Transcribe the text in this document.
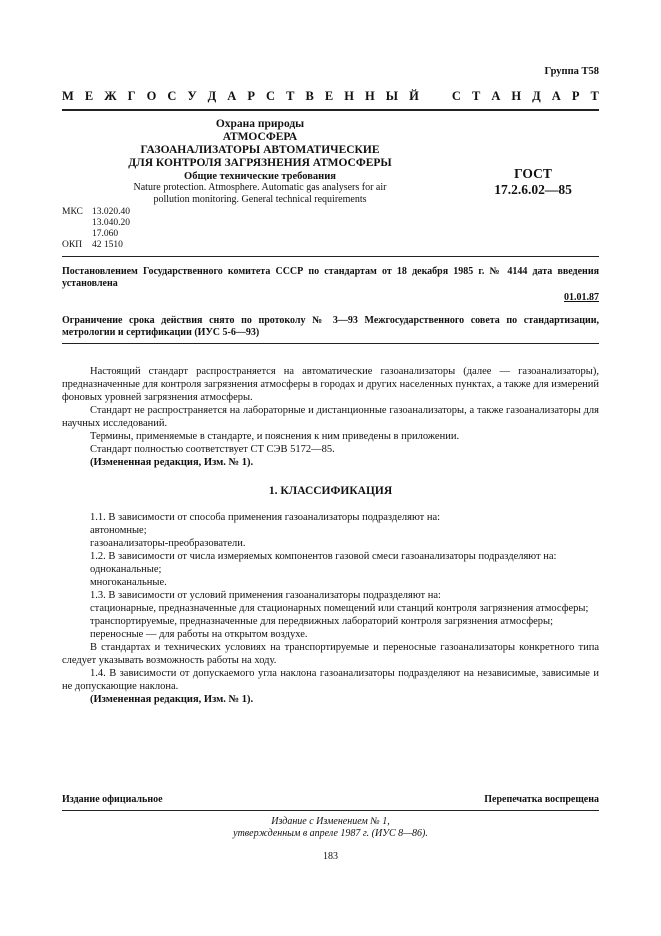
Группа Т58
М Е Ж Г О С У Д А Р С Т В Е Н Н Ы Й	С Т А Н Д А Р Т
Охрана природы
АТМОСФЕРА
ГАЗОАНАЛИЗАТОРЫ АВТОМАТИЧЕСКИЕ
ДЛЯ КОНТРОЛЯ ЗАГРЯЗНЕНИЯ АТМОСФЕРЫ
Общие технические требования
Nature protection. Atmosphere. Automatic gas analysers for air
pollution monitoring. General technical requirements
ГОСТ
17.2.6.02—85
МКС 13.020.40
13.040.20
17.060
ОКП	42 1510

Постановлением Государственного комитета СССР по стандартам от 18 декабря 1985 г. № 4144 дата введения установлена

01.01.87

Ограничение срока действия снято по протоколу № 3—93 Межгосударственного совета по стандартизации, метрологии и сертификации (ИУС 5-6—93)

Настоящий стандарт распространяется на автоматические газоанализаторы (далее — газоанализаторы), предназначенные для контроля загрязнения атмосферы в городах и других населенных пунктах, а также для измерений фоновых уровней загрязнения атмосферы.

Стандарт не распространяется на лабораторные и дистанционные газоанализаторы, а также газоанализаторы для научных исследований.

Термины, применяемые в стандарте, и пояснения к ним приведены в приложении.

Стандарт полностью соответствует СТ СЭВ 5172—85.

(Измененная редакция, Изм. № 1).

1. КЛАССИФИКАЦИЯ

1.1. В зависимости от способа применения газоанализаторы подразделяют на:

автономные;

газоанализаторы-преобразователи.

1.2. В зависимости от числа измеряемых компонентов газовой смеси газоанализаторы подразделяют на:

одноканальные;

многоканальные.

1.3. В зависимости от условий применения газоанализаторы подразделяют на:

стационарные, предназначенные для стационарных помещений или станций контроля загрязнения атмосферы;

транспортируемые, предназначенные для передвижных лабораторий контроля загрязнения атмосферы;

переносные — для работы на открытом воздухе.

В стандартах и технических условиях на транспортируемые и переносные газоанализаторы конкретного типа следует указывать возможность работы на ходу.

1.4. В зависимости от допускаемого угла наклона газоанализаторы подразделяют на независимые, зависимые и не допускающие наклона.

(Измененная редакция, Изм. № 1).

Издание официальное	Перепечатка воспрещена
Издание с Изменением № 1,
утвержденным в апреле 1987 г. (ИУС 8—86).
183
